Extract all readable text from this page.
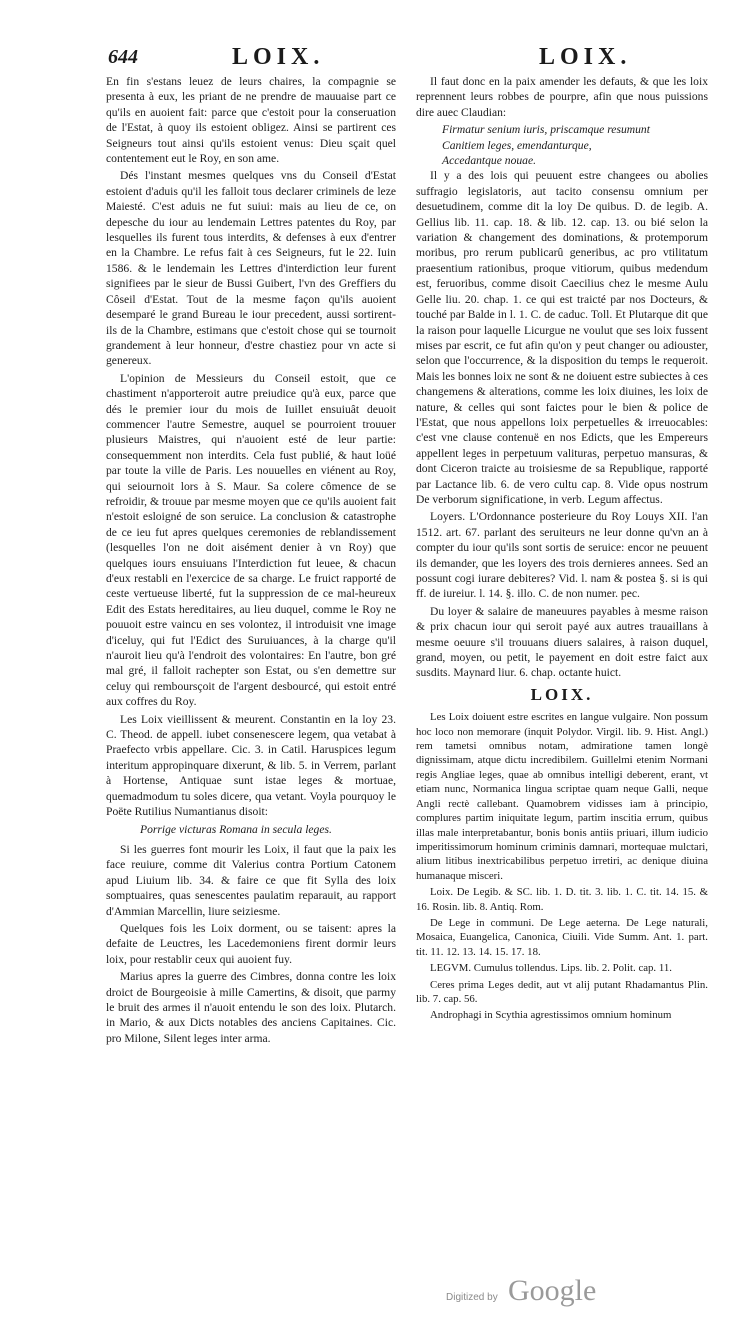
644	LOIX.	LOIX.

En fin s'estans leuez de leurs chaires, la compagnie se presenta à eux, les priant de ne prendre de mauuaise part ce qu'ils en auoient fait: parce que c'estoit pour la conseruation de l'Estat, à quoy ils estoient obligez. Ainsi se partirent ces Seigneurs tout ainsi qu'ils estoient venus: Dieu sçait quel contentement eut le Roy, en son ame.

Dés l'instant mesmes quelques vns du Conseil d'Estat estoient d'aduis qu'il les falloit tous declarer criminels de leze Maiesté. C'est aduis ne fut suiui: mais au lieu de ce, on depesche du iour au lendemain Lettres patentes du Roy, par lesquelles ils furent tous interdits, & defenses à eux d'entrer en la Chambre. Le refus fait à ces Seigneurs, fut le 22. Iuin 1586. & le lendemain les Lettres d'interdiction leur furent signifiees par le sieur de Bussi Guibert, l'vn des Greffiers du Côseil d'Estat. Tout de la mesme façon qu'ils auoient desemparé le grand Bureau le iour precedent, aussi sortirent-ils de la Chambre, estimans que c'estoit chose qui se tournoit grandement à leur honneur, d'estre chastiez pour vn acte si genereux.

L'opinion de Messieurs du Conseil estoit, que ce chastiment n'apporteroit autre preiudice qu'à eux, parce que dés le premier iour du mois de Iuillet ensuiuât deuoit commencer l'autre Semestre, auquel se pourroient trouuer plusieurs Maistres, qui n'auoient esté de leur partie: consequemment non interdits. Cela fust publié, & haut loüé par toute la ville de Paris. Les nouuelles en viénent au Roy, qui seiournoit lors à S. Maur. Sa colere cômence de se refroidir, & trouue par mesme moyen que ce qu'ils auoient fait n'estoit esloigné de son seruice. La conclusion & catastrophe de ce ieu fut apres quelques ceremonies de reblandissement (lesquelles l'on ne doit aisément denier à vn Roy) que quelques iours ensuiuans l'Interdiction fut leuee, & chacun d'eux restabli en l'exercice de sa charge. Le fruict rapporté de ceste vertueuse liberté, fut la suppression de ce mal-heureux Edit des Estats hereditaires, au lieu duquel, comme le Roy ne pouuoit estre vaincu en ses volontez, il introduisit vne image d'iceluy, qui fut l'Edict des Suruiuances, à la charge qu'il n'auroit lieu qu'à l'endroit des volontaires: En l'autre, bon gré mal gré, il falloit rachepter son Estat, ou s'en demettre sur celuy qui remboursçoit de l'argent desbourcé, qui estoit entré aux coffres du Roy.

Les Loix vieillissent & meurent. Constantin en la loy 23. C. Theod. de appell. iubet consenescere legem, qua vetabat à Praefecto vrbis appellare. Cic. 3. in Catil. Haruspices legum interitum appropinquare dixerunt, & lib. 5. in Verrem, parlant à Hortense, Antiquae sunt istae leges & mortuae, quemadmodum tu soles dicere, qua vetant. Voyla pourquoy le Poëte Rutilius Numantianus disoit:

Porrige victuras Romana in secula leges.

Si les guerres font mourir les Loix, il faut que la paix les face reuiure, comme dit Valerius contra Portium Catonem apud Liuium lib. 34. & faire ce que fit Sylla des loix somptuaires, quas senescentes paulatim reparauit, au rapport d'Ammian Marcellin, liure seiziesme.

Quelques fois les Loix dorment, ou se taisent: apres la defaite de Leuctres, les Lacedemoniens firent dormir leurs loix, pour restablir ceux qui auoient fuy.

Marius apres la guerre des Cimbres, donna contre les loix droict de Bourgeoisie à mille Camertins, & disoit, que parmy le bruit des armes il n'auoit entendu le son des loix. Plutarch. in Mario, & aux Dicts notables des anciens Capitaines. Cic. pro Milone, Silent leges inter arma.

Il faut donc en la paix amender les defauts, & que les loix reprennent leurs robbes de pourpre, afin que nous puissions dire auec Claudian:

Firmatur senium iuris, priscamque resumunt

Canitiem leges, emendanturque,

Accedantque nouae.

Il y a des lois qui peuuent estre changees ou abolies suffragio legislatoris, aut tacito consensu omnium per desuetudinem, comme dit la loy De quibus. D. de legib. A. Gellius lib. 11. cap. 18. & lib. 12. cap. 13. ou bié selon la variation & changement des dominations, & protemporum moribus, pro rerum publicarû generibus, ac pro vtilitatum praesentium rationibus, proque vitiorum, quibus medendum est, feruoribus, comme disoit Caecilius chez le mesme Aulu Gelle liu. 20. chap. 1. ce qui est traicté par nos Docteurs, & touché par Balde in l. 1. C. de caduc. Toll. Et Plutarque dit que la raison pour laquelle Licurgue ne voulut que ses loix fussent mises par escrit, ce fut afin qu'on y peut changer ou adiouster, selon que l'occurrence, & la disposition du temps le requeroit. Mais les bonnes loix ne sont & ne doiuent estre subiectes à ces changemens & alterations, comme les loix diuines, les loix de nature, & celles qui sont faictes pour le bien & police de l'Estat, que nous appellons loix perpetuelles & irreuocables: c'est vne clause contenuë en nos Edicts, que les Empereurs appellent leges in perpetuum valituras, perpetuo mansuras, & dont Ciceron traicte au troisiesme de sa Republique, rapporté par Lactance lib. 6. de vero cultu cap. 8. Vide opus nostrum De verborum significatione, in verb. Legum affectus.

Loyers. L'Ordonnance posterieure du Roy Louys XII. l'an 1512. art. 67. parlant des seruiteurs ne leur donne qu'vn an à compter du iour qu'ils sont sortis de seruice: encor ne peuuent ils demander, que les loyers des trois dernieres annees. Sed an possunt cogi iurare debiteres? Vid. l. nam & postea §. si is qui ff. de iureiur. l. 14. §. illo. C. de non numer. pec.

Du loyer & salaire de maneuures payables à mesme raison & prix chacun iour qui seroit payé aux autres trauaillans à mesme oeuure s'il trouuans diuers salaires, à raison duquel, grand, moyen, ou petit, le payement en doit estre faict aux susdits. Maynard liur. 6. chap. octante huict.

LOIX.

Les Loix doiuent estre escrites en langue vulgaire. Non possum hoc loco non memorare (inquit Polydor. Virgil. lib. 9. Hist. Angl.) rem tametsi omnibus notam, admiratione tamen longè dignissimam, atque dictu incredibilem. Guillelmi etenim Normani regis Angliae leges, quae ab omnibus intelligi deberent, erant, vt etiam nunc, Normanica lingua scriptae quam neque Galli, neque Angli rectè callebant. Quamobrem vidisses iam à principio, complures partim iniquitate legum, partim inscitia errum, quibus illas male interpretabantur, bonis bonis antiis priuari, illum iudicio imperitissimorum hominum criminis damnari, mortequae mulctari, alium litibus inextricabilibus perpetuo irretiri, ac denique diuina humanaque misceri.

Loix. De Legib. & SC. lib. 1. D. tit. 3. lib. 1. C. tit. 14. 15. & 16. Rosin. lib. 8. Antiq. Rom.

De Lege in communi. De Lege aeterna. De Lege naturali, Mosaica, Euangelica, Canonica, Ciuili. Vide Summ. Ant. 1. part. tit. 11. 12. 13. 14. 15. 17. 18.

LEGVM. Cumulus tollendus. Lips. lib. 2. Polit. cap. 11.

Ceres prima Leges dedit, aut vt alij putant Rhadamantus Plin. lib. 7. cap. 56.

Androphagi in Scythia agrestissimos omnium hominum

Digitized by Google
